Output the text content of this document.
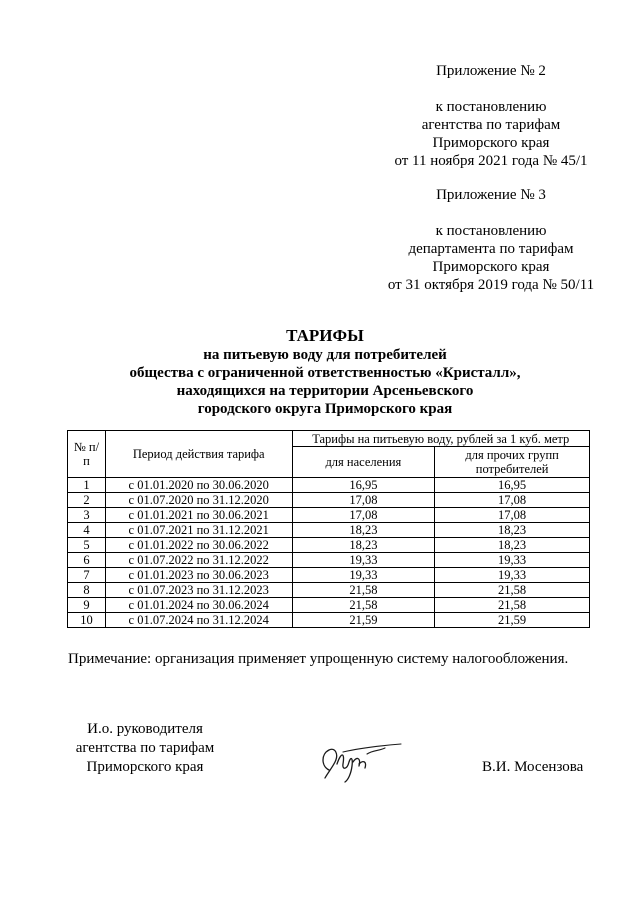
Приложение № 2
к постановлению
агентства по тарифам
Приморского края
от 11 ноября 2021 года № 45/1
Приложение № 3
к постановлению
департамента по тарифам
Приморского края
от 31 октября 2019 года № 50/11
ТАРИФЫ
на питьевую воду для потребителей
общества с ограниченной ответственностью «Кристалл»,
находящихся на территории Арсеньевского
городского округа Приморского края
№ п/п	Период действия тарифа	Тарифы на питьевую воду, рублей за 1 куб. метр	
		для населения	для прочих групп потребителей
1	с 01.01.2020 по 30.06.2020	16,95	16,95
2	с 01.07.2020 по 31.12.2020	17,08	17,08
3	с 01.01.2021 по 30.06.2021	17,08	17,08
4	с 01.07.2021 по 31.12.2021	18,23	18,23
5	с 01.01.2022 по 30.06.2022	18,23	18,23
6	с 01.07.2022 по 31.12.2022	19,33	19,33
7	с 01.01.2023 по 30.06.2023	19,33	19,33
8	с 01.07.2023 по 31.12.2023	21,58	21,58
9	с 01.01.2024 по 30.06.2024	21,58	21,58
10	с 01.07.2024 по 31.12.2024	21,59	21,59
Примечание: организация применяет упрощенную систему налогообложения.
И.о. руководителя
агентства по тарифам
Приморского края	В.И. Мосензова
